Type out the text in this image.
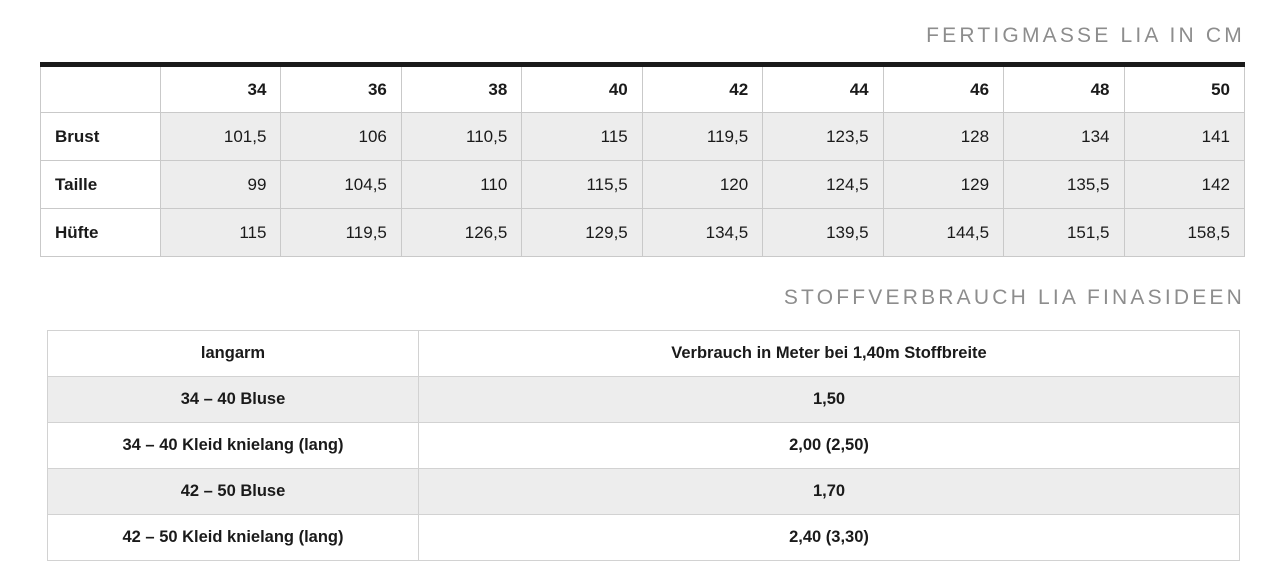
FERTIGMASSE LIA IN CM
	34	36	38	40	42	44	46	48	50
Brust	101,5	106	110,5	115	119,5	123,5	128	134	141
Taille	99	104,5	110	115,5	120	124,5	129	135,5	142
Hüfte	115	119,5	126,5	129,5	134,5	139,5	144,5	151,5	158,5
STOFFVERBRAUCH LIA FINASIDEEN
langarm	Verbrauch in Meter bei 1,40m Stoffbreite
34 – 40 Bluse	1,50
34 – 40 Kleid knielang (lang)	2,00 (2,50)
42 – 50 Bluse	1,70
42 – 50 Kleid knielang (lang)	2,40 (3,30)
